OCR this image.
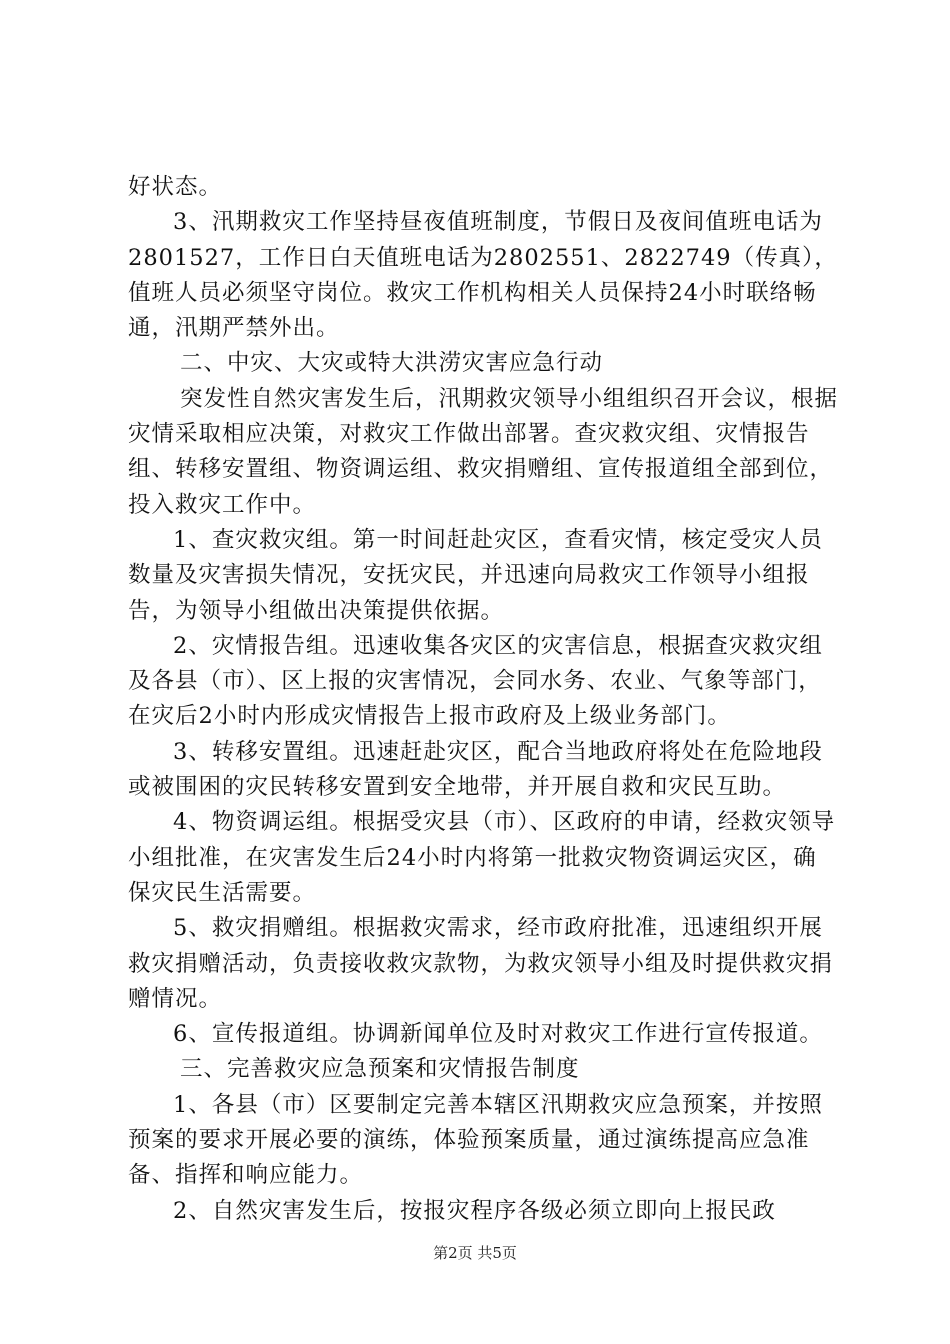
好状态。

3、汛期救灾工作坚持昼夜值班制度，节假日及夜间值班电话为2801527，工作日白天值班电话为2802551、2822749（传真），值班人员必须坚守岗位。救灾工作机构相关人员保持24小时联络畅通，汛期严禁外出。

二、中灾、大灾或特大洪涝灾害应急行动

突发性自然灾害发生后，汛期救灾领导小组组织召开会议，根据灾情采取相应决策，对救灾工作做出部署。查灾救灾组、灾情报告组、转移安置组、物资调运组、救灾捐赠组、宣传报道组全部到位，投入救灾工作中。

1、查灾救灾组。第一时间赶赴灾区，查看灾情，核定受灾人员数量及灾害损失情况，安抚灾民，并迅速向局救灾工作领导小组报告，为领导小组做出决策提供依据。

2、灾情报告组。迅速收集各灾区的灾害信息，根据查灾救灾组及各县（市）、区上报的灾害情况，会同水务、农业、气象等部门，在灾后2小时内形成灾情报告上报市政府及上级业务部门。

3、转移安置组。迅速赶赴灾区，配合当地政府将处在危险地段或被围困的灾民转移安置到安全地带，并开展自救和灾民互助。

4、物资调运组。根据受灾县（市）、区政府的申请，经救灾领导小组批准，在灾害发生后24小时内将第一批救灾物资调运灾区，确保灾民生活需要。

5、救灾捐赠组。根据救灾需求，经市政府批准，迅速组织开展救灾捐赠活动，负责接收救灾款物，为救灾领导小组及时提供救灾捐赠情况。

6、宣传报道组。协调新闻单位及时对救灾工作进行宣传报道。

三、完善救灾应急预案和灾情报告制度

1、各县（市）区要制定完善本辖区汛期救灾应急预案，并按照预案的要求开展必要的演练，体验预案质量，通过演练提高应急准备、指挥和响应能力。

2、自然灾害发生后，按报灾程序各级必须立即向上报民政

第2页 共5页
